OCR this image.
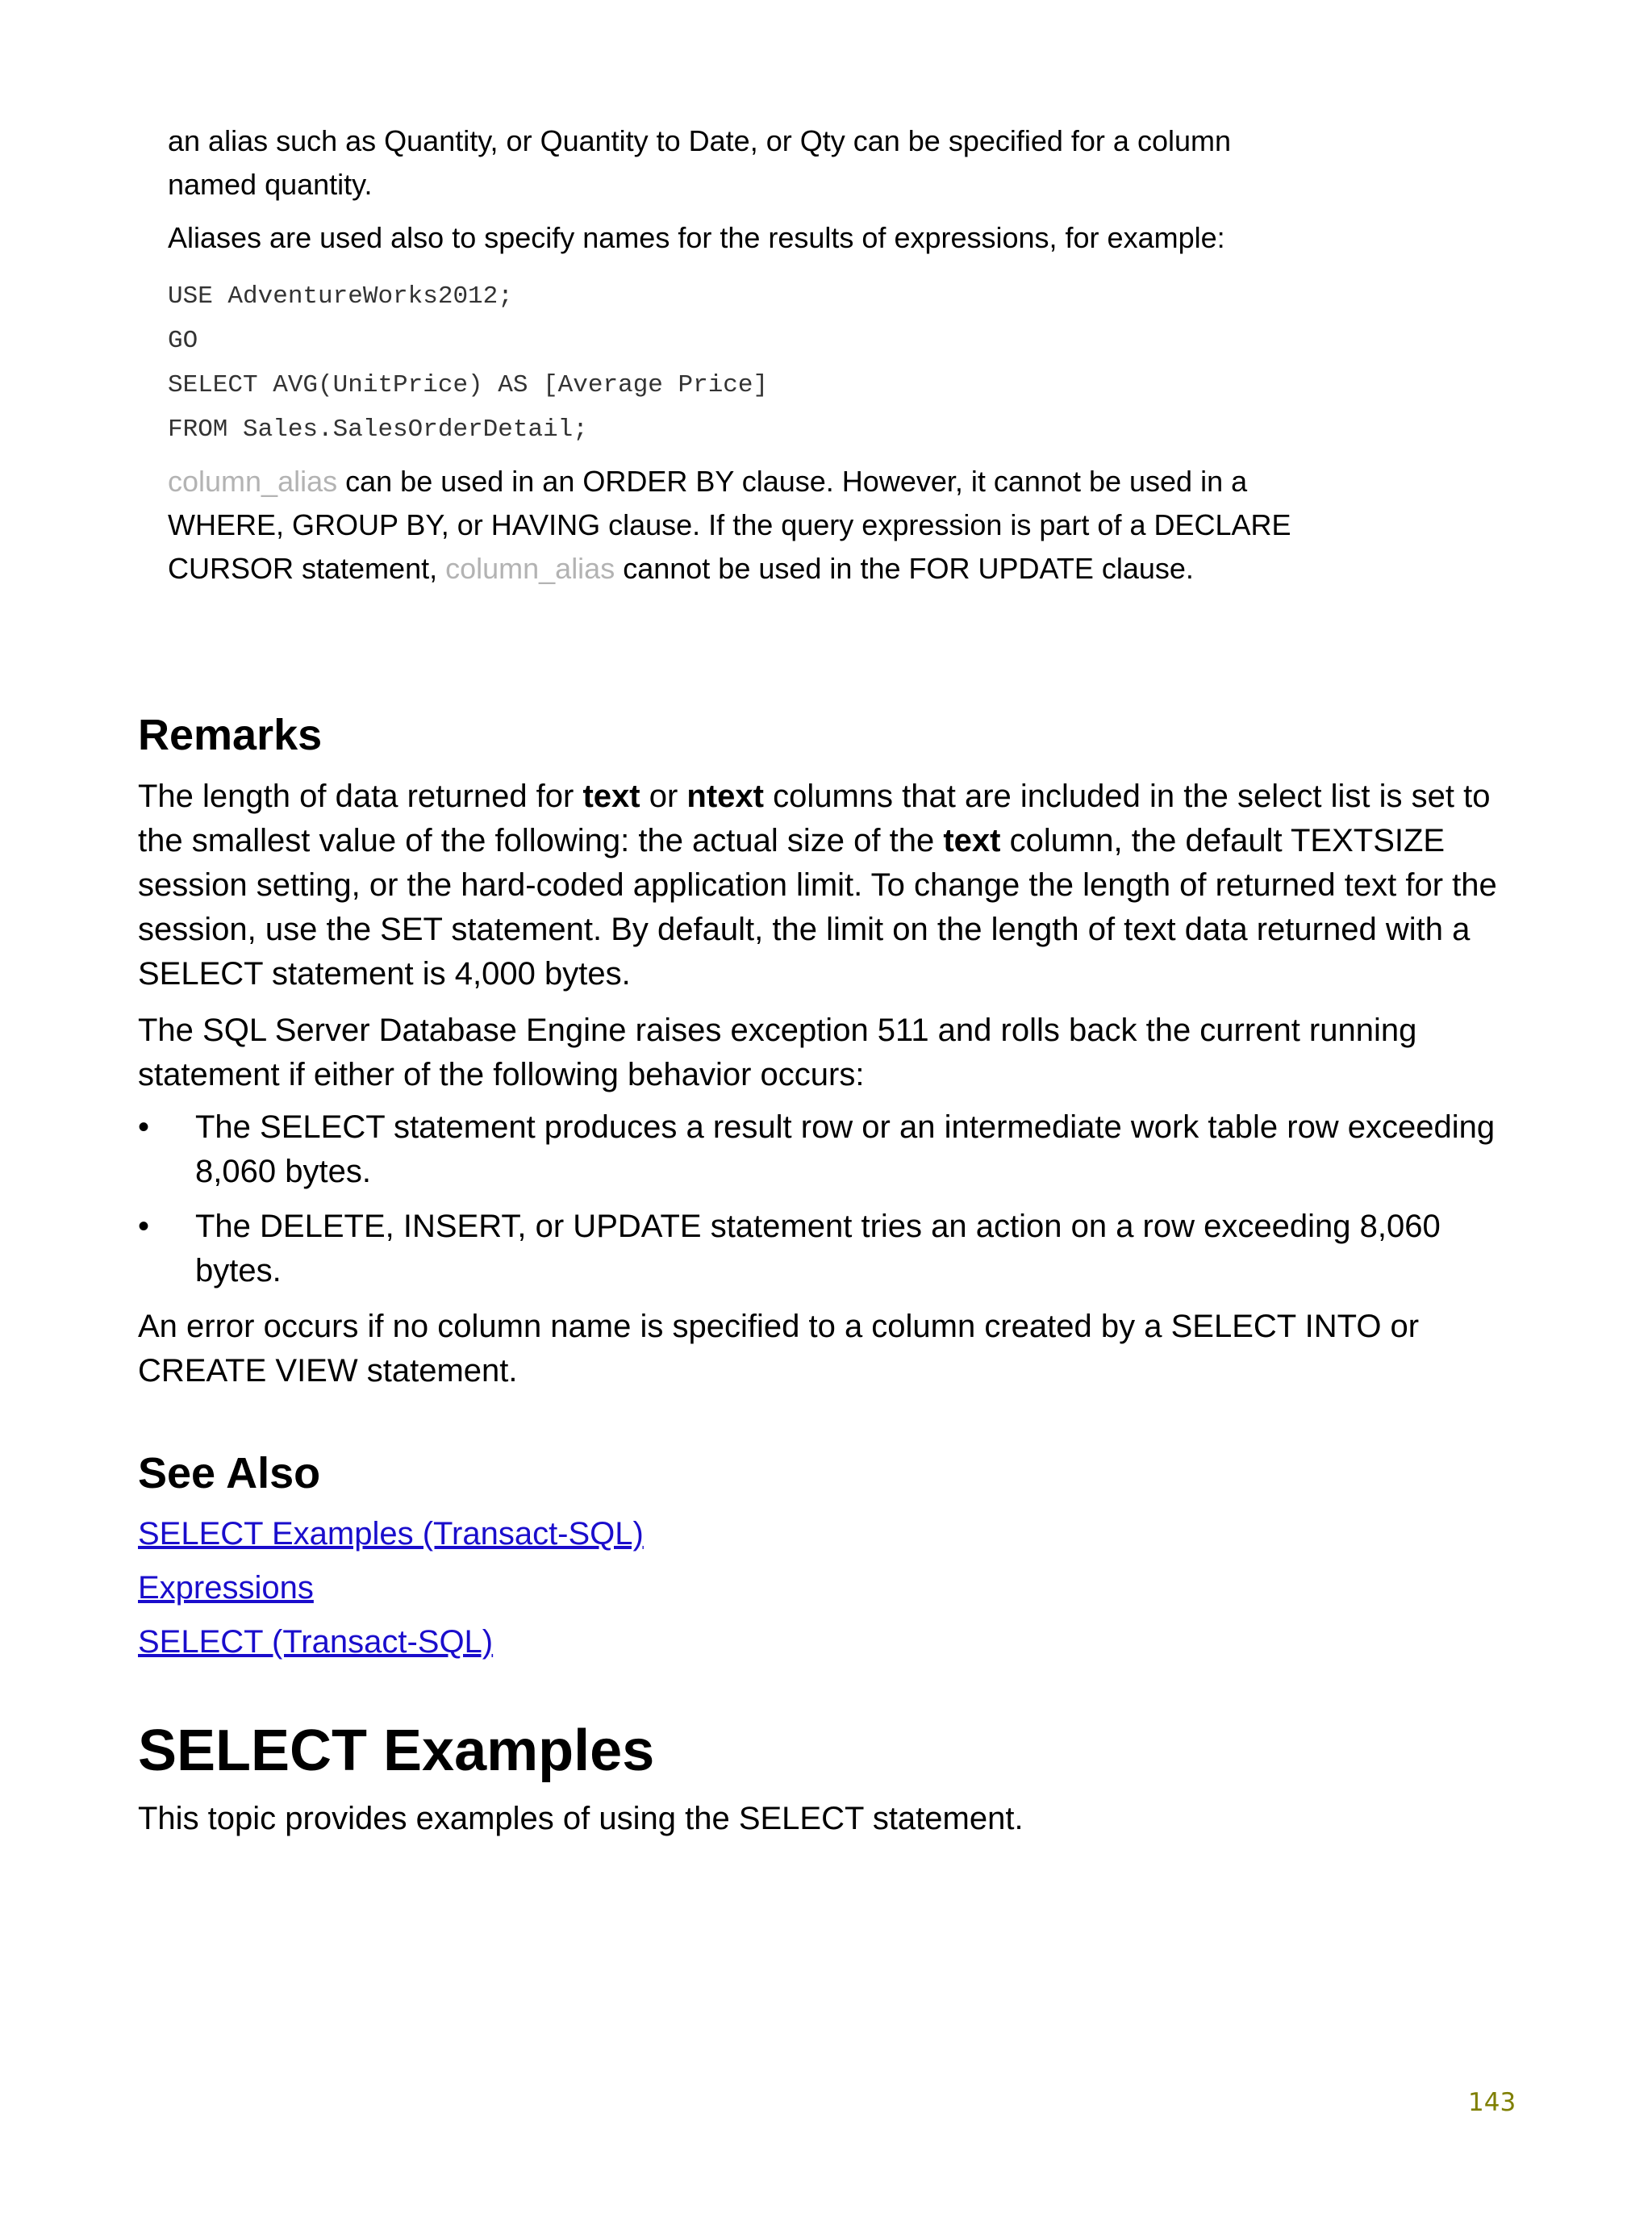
an alias such as Quantity, or Quantity to Date, or Qty can be specified for a column

named quantity.

Aliases are used also to specify names for the results of expressions, for example:

USE AdventureWorks2012;

GO

SELECT AVG(UnitPrice) AS [Average Price]

FROM Sales.SalesOrderDetail;

column_alias can be used in an ORDER BY clause. However, it cannot be used in a

WHERE, GROUP BY, or HAVING clause. If the query expression is part of a DECLARE

CURSOR statement, column_alias cannot be used in the FOR UPDATE clause.

Remarks

The length of data returned for text or ntext columns that are included in the select list is set to

the smallest value of the following: the actual size of the text column, the default TEXTSIZE

session setting, or the hard-coded application limit. To change the length of returned text for the

session, use the SET statement. By default, the limit on the length of text data returned with a

SELECT statement is 4,000 bytes.

The SQL Server Database Engine raises exception 511 and rolls back the current running

statement if either of the following behavior occurs:

•	The SELECT statement produces a result row or an intermediate work table row exceeding
8,060 bytes.
•	The DELETE, INSERT, or UPDATE statement tries an action on a row exceeding 8,060
bytes.

An error occurs if no column name is specified to a column created by a SELECT INTO or

CREATE VIEW statement.

See Also
SELECT Examples (Transact-SQL)
Expressions
SELECT (Transact-SQL)
SELECT Examples

This topic provides examples of using the SELECT statement.

143
